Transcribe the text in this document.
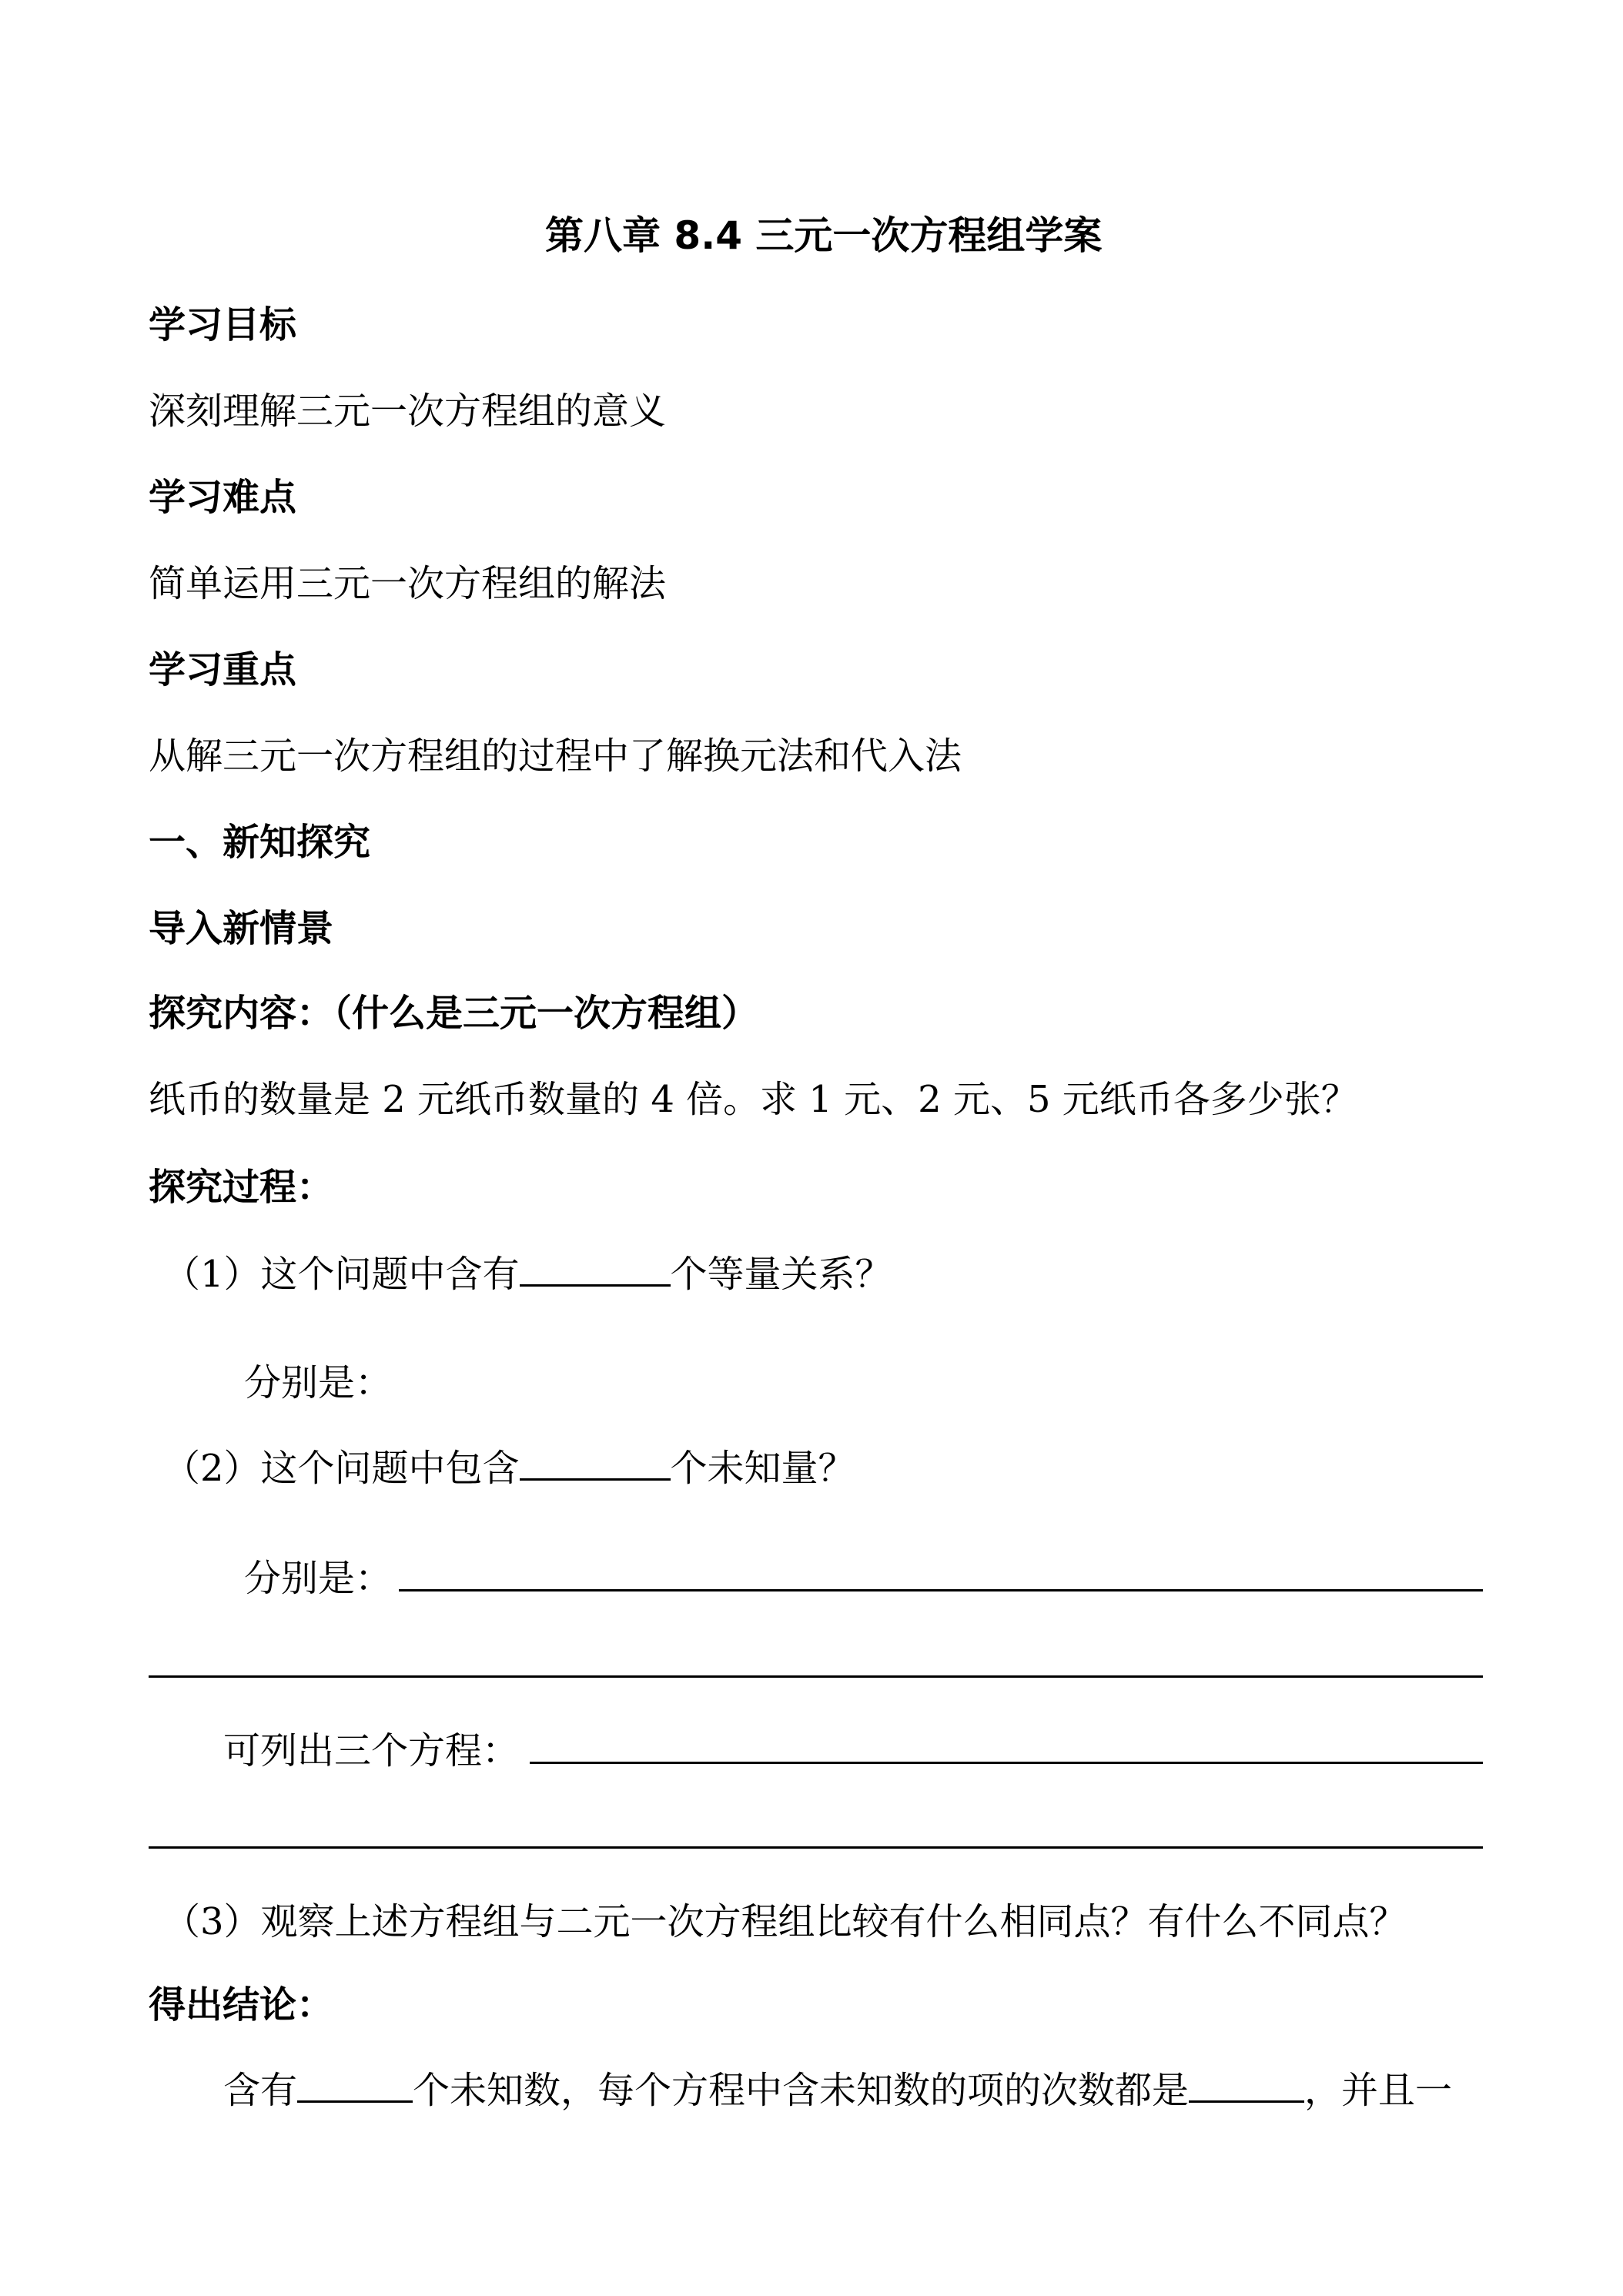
第八章 8.4 三元一次方程组学案
学习目标
深刻理解三元一次方程组的意义
学习难点
简单运用三元一次方程组的解法
学习重点
从解三元一次方程组的过程中了解换元法和代入法
一、新知探究
导入新情景
探究内容：（什么是三元一次方程组）
纸币的数量是 2 元纸币数量的 4 倍。求 1 元、2 元、5 元纸币各多少张？
探究过程：
（1）这个问题中含有	个等量关系？
分别是：
（2）这个问题中包含	个未知量？
分别是：
可列出三个方程：
（3）观察上述方程组与二元一次方程组比较有什么相同点？有什么不同点？
得出结论：
含有	个未知数，每个方程中含未知数的项的次数都是	，并且一
